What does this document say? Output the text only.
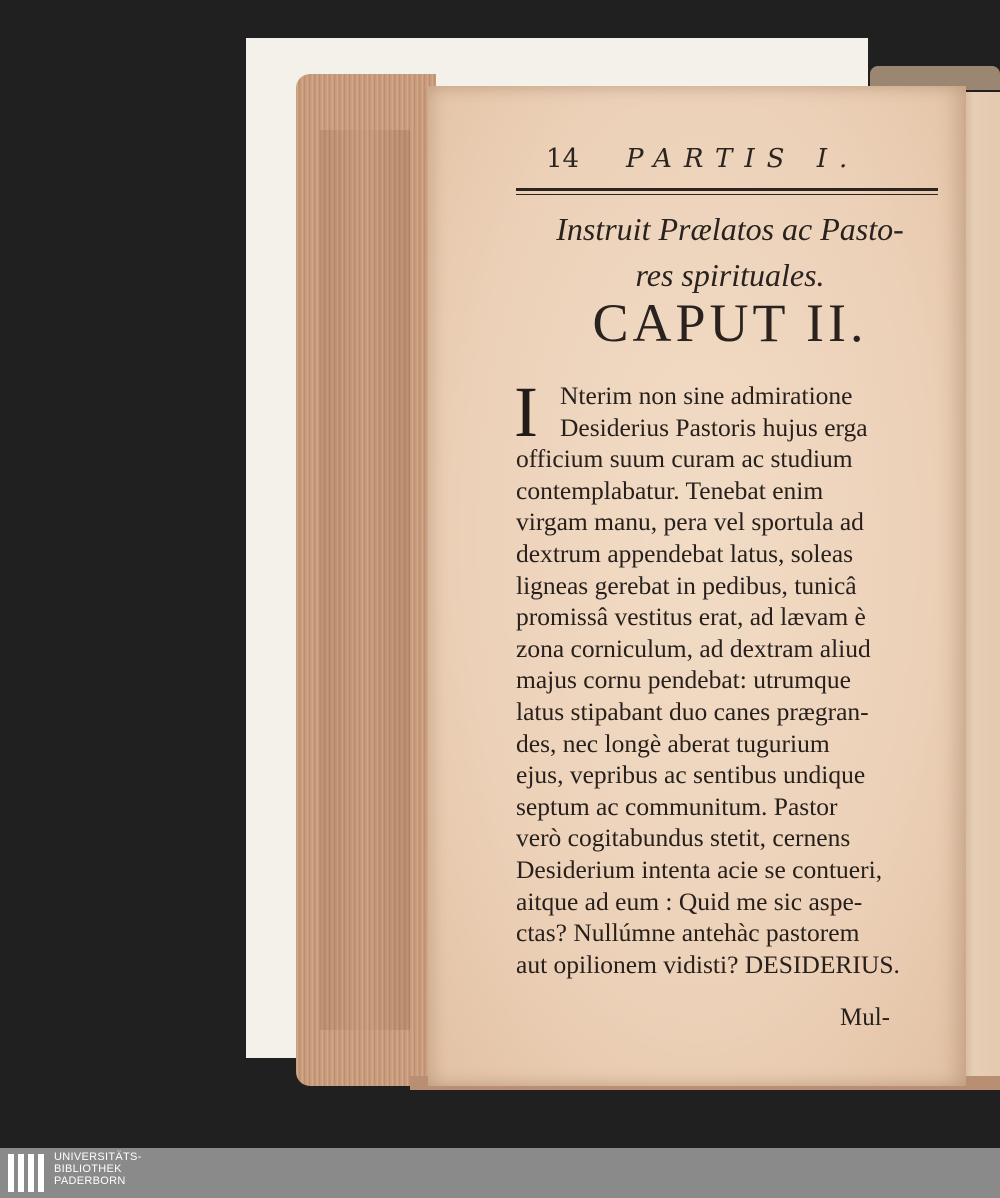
14 PARTIS I.
Instruit Prælatos ac Pasto-
res spirituales.
CAPUT II.
I Nterim non sine admiratione
Desiderius Pastoris hujus erga
officium suum curam ac studium
contemplabatur. Tenebat enim
virgam manu, pera vel sportula ad
dextrum appendebat latus, soleas
ligneas gerebat in pedibus, tunicâ
promissâ vestitus erat, ad lævam è
zona corniculum, ad dextram aliud
majus cornu pendebat: utrumque
latus stipabant duo canes prægran-
des, nec longè aberat tugurium
ejus, vepribus ac sentibus undique
septum ac communitum. Pastor
verò cogitabundus stetit, cernens
Desiderium intenta acie se contueri,
aitque ad eum : Quid me sic aspe-
ctas? Nullúmne antehàc pastorem
aut opilionem vidisti? DESIDERIUS.
Mul-
UNIVERSITÄTS-
BIBLIOTHEK
PADERBORN
